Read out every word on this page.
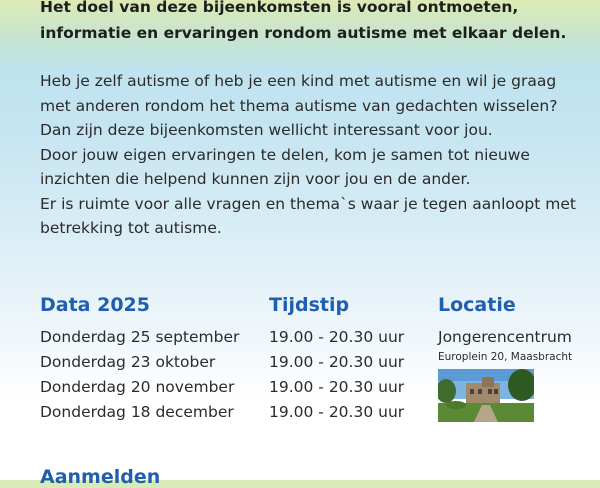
Het doel van deze bijeenkomsten is vooral ontmoeten,
informatie en ervaringen rondom autisme met elkaar delen.

Heb je zelf autisme of heb je een kind met autisme en wil je graag
met anderen rondom het thema autisme van gedachten wisselen?
Dan zijn deze bijeenkomsten wellicht interessant voor jou.
Door jouw eigen ervaringen te delen, kom je samen tot nieuwe
inzichten die helpend kunnen zijn voor jou en de ander.
Er is ruimte voor alle vragen en thema`s waar je tegen aanloopt met
betrekking tot autisme.

Data 2025	Tijdstip	Locatie
Donderdag 25 september
Donderdag 23 oktober
Donderdag 20 november
Donderdag 18 december
19.00 - 20.30 uur
19.00 - 20.30 uur
19.00 - 20.30 uur
19.00 - 20.30 uur
Jongerencentrum
Europlein 20, Maasbracht
Aanmelden
